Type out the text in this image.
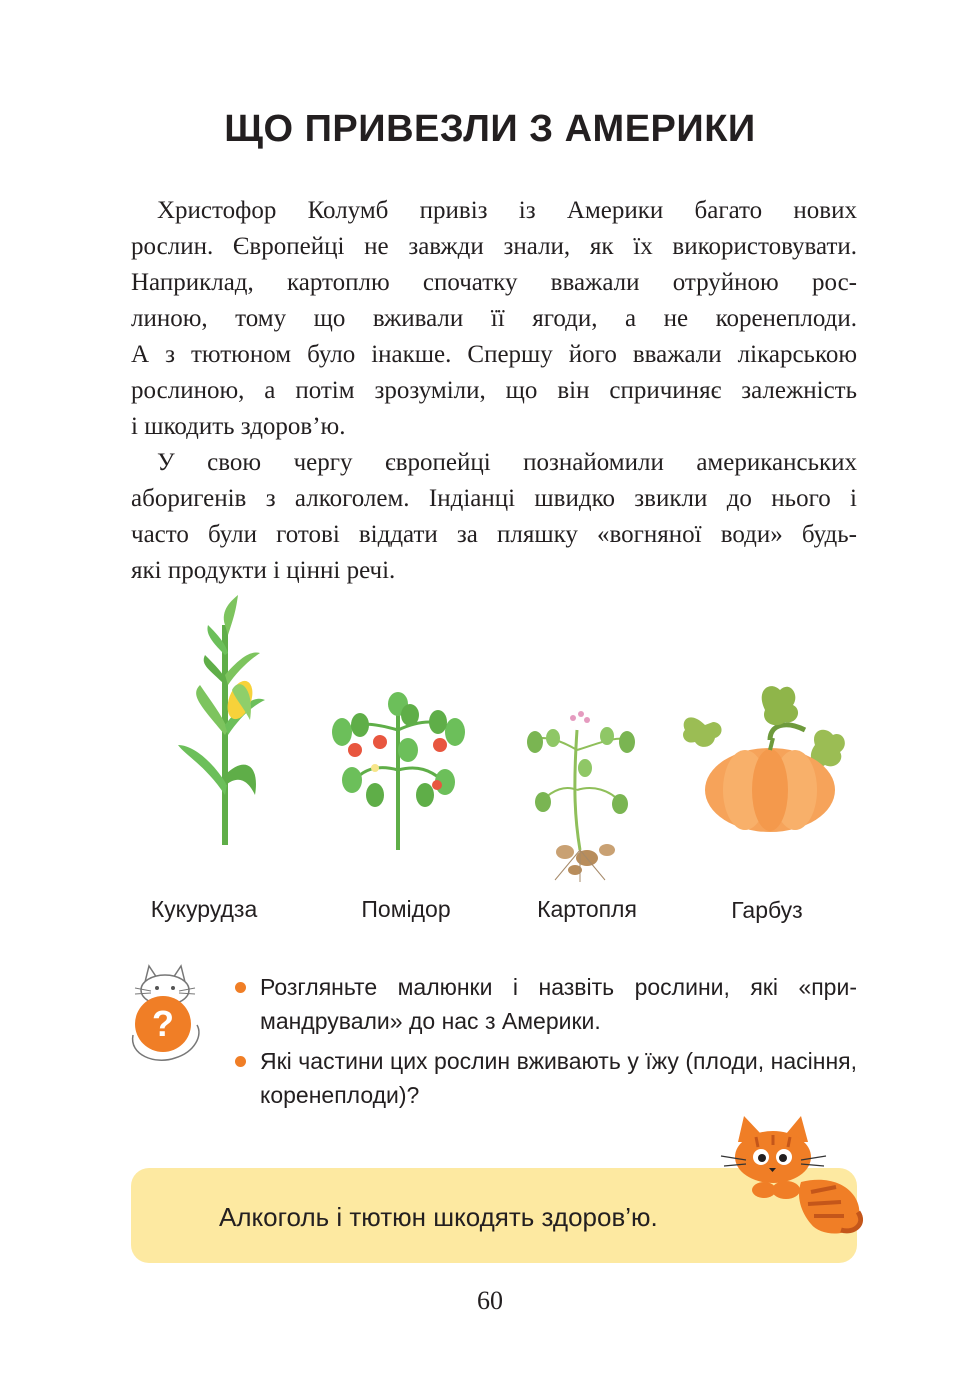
ЩО ПРИВЕЗЛИ З АМЕРИКИ

Христофор Колумб привіз із Америки багато нових
рослин. Європейці не завжди знали, як їх використовувати.
Наприклад, картоплю спочатку вважали отруйною рос-
линою, тому що вживали її ягоди, а не коренеплоди.
А з тютюном було інакше. Спершу його вважали лікарською
рослиною, а потім зрозуміли, що він спричиняє залежність
і шкодить здоров’ю.

У свою чергу європейці познайомили американських
аборигенів з алкоголем. Індіанці швидко звикли до нього і
часто були готові віддати за пляшку «вогняної води» будь-
які продукти і цінні речі.

Кукурудза	Помідор	Картопля	Гарбуз
?
Розгляньте малюнки і назвіть рослини, які «примандрували» до нас з Америки.
Які частини цих рослин вживають у їжу (плоди, насіння, коренеплоди)?
Алкоголь і тютюн шкодять здоров’ю.
60
